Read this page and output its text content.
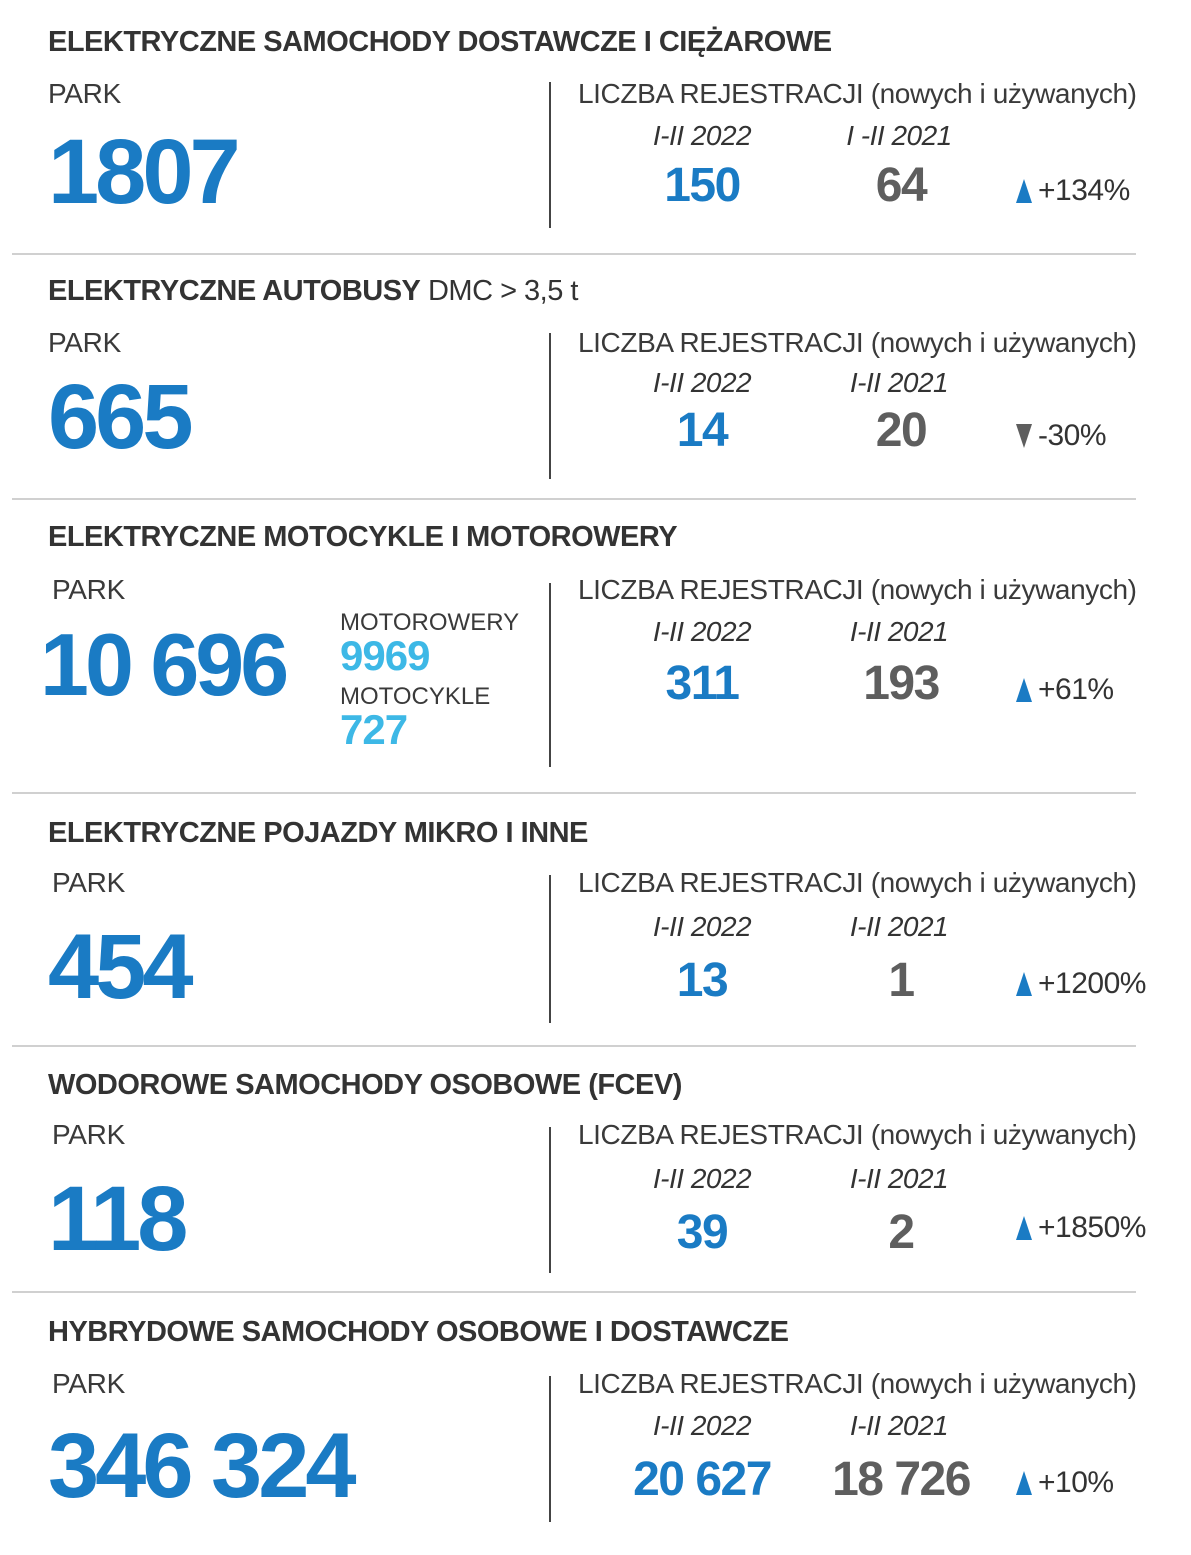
ELEKTRYCZNE SAMOCHODY DOSTAWCZE I CIĘŻAROWE
PARK
1807
LICZBA REJESTRACJI (nowych i używanych)
I-II 2022	I -II 2021
150	64	+134%
ELEKTRYCZNE AUTOBUSY DMC > 3,5 t
PARK
665
LICZBA REJESTRACJI (nowych i używanych)
I-II 2022	I-II 2021
14	20	-30%
ELEKTRYCZNE MOTOCYKLE I MOTOROWERY
PARK
10 696 MOTOROWERY
9969
MOTOCYKLE
727
LICZBA REJESTRACJI (nowych i używanych)
I-II 2022	I-II 2021
311	193	+61%
ELEKTRYCZNE POJAZDY MIKRO I INNE
PARK
454
LICZBA REJESTRACJI (nowych i używanych)
I-II 2022	I-II 2021
13	1	+1200%
WODOROWE SAMOCHODY OSOBOWE (FCEV)
PARK
118
LICZBA REJESTRACJI (nowych i używanych)
I-II 2022	I-II 2021
39	2	+1850%
HYBRYDOWE SAMOCHODY OSOBOWE I DOSTAWCZE
PARK
346 324
LICZBA REJESTRACJI (nowych i używanych)
I-II 2022	I-II 2021
20 627	18 726	+10%
